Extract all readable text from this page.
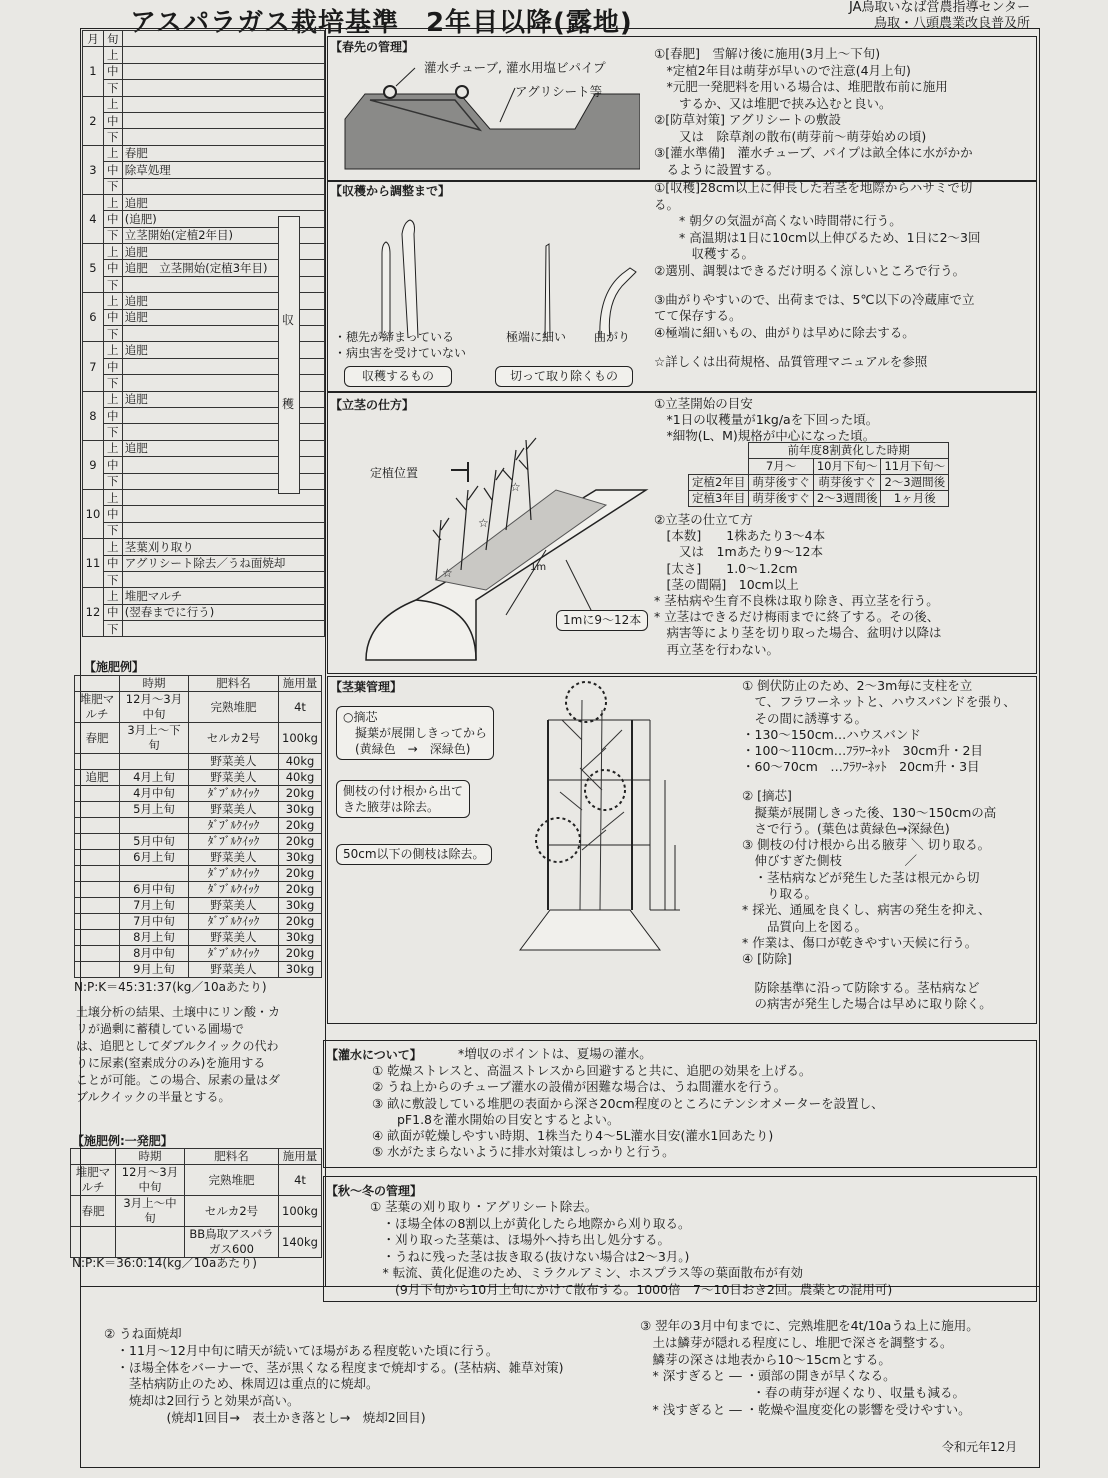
アスパラガス栽培基準　2年目以降(露地)
JA鳥取いなば営農指導センター
鳥取・八頭農業改良普及所
月	旬	
1	上	
	中	
	下	
2	上	
	中	
	下	
3	上	春肥
	中	除草処理
	下	
4	上	追肥
	中	(追肥)
	下	立茎開始(定植2年目)
5	上	追肥
	中	追肥　立茎開始(定植3年目)
	下	
6	上	追肥
	中	追肥
	下	
7	上	追肥
	中	
	下	
8	上	追肥
	中	
	下	
9	上	追肥
	中	
	下	
10	上	
	中	
	下	
11	上	茎葉刈り取り
	中	アグリシート除去／うね面焼却
	下	
12	上	堆肥マルチ
	中	(翌春までに行う)
	下	
収
穫
【施肥例】
	時期	肥料名	施用量
堆肥マルチ	12月～3月中旬	完熟堆肥	4t
春肥	3月上～下旬	セルカ2号	100kg
		野菜美人	40kg
追肥	4月上旬	野菜美人	40kg
	4月中旬	ﾀﾞﾌﾞﾙｸｲｯｸ	20kg
	5月上旬	野菜美人	30kg
		ﾀﾞﾌﾞﾙｸｲｯｸ	20kg
	5月中旬	ﾀﾞﾌﾞﾙｸｲｯｸ	20kg
	6月上旬	野菜美人	30kg
		ﾀﾞﾌﾞﾙｸｲｯｸ	20kg
	6月中旬	ﾀﾞﾌﾞﾙｸｲｯｸ	20kg
	7月上旬	野菜美人	30kg
	7月中旬	ﾀﾞﾌﾞﾙｸｲｯｸ	20kg
	8月上旬	野菜美人	30kg
	8月中旬	ﾀﾞﾌﾞﾙｸｲｯｸ	20kg
	9月上旬	野菜美人	30kg
N:P:K＝45:31:37(kg／10aあたり)
土壌分析の結果、土壌中にリン酸・カ
リが過剰に蓄積している圃場で
は、追肥としてダブルクイックの代わ
りに尿素(窒素成分のみ)を施用する
ことが可能。この場合、尿素の量はダ
ブルクイックの半量とする。
【施肥例:一発肥】
	時期	肥料名	施用量
堆肥マルチ	12月～3月中旬	完熟堆肥	4t
春肥	3月上～中旬	セルカ2号	100kg
		BB鳥取アスパラガス600	140kg
N:P:K＝36:0:14(kg／10aあたり)
【春先の管理】
灌水チューブ, 灌水用塩ビパイプ
アグリシート等
①[春肥]　雪解け後に施用(3月上～下旬)
　*定植2年目は萌芽が早いので注意(4月上旬)
　*元肥一発肥料を用いる場合は、堆肥散布前に施用
　　するか、又は堆肥で挟み込むと良い。
②[防草対策] アグリシートの敷設
　　又は　除草剤の散布(萌芽前～萌芽始めの頃)
③[灌水準備]　灌水チューブ、パイプは畝全体に水がかか
　るように設置する。
【収穫から調整まで】
・穂先が締まっている
・病虫害を受けていない
極端に細い 曲がり
収穫するもの	切って取り除くもの
①[収穫]28cm以上に伸長した若茎を地際からハサミで切
る。
　　* 朝夕の気温が高くない時間帯に行う。
　　* 高温期は1日に10cm以上伸びるため、1日に2～3回
　　　収穫する。
②選別、調製はできるだけ明るく涼しいところで行う。
③曲がりやすいので、出荷までは、5℃以下の冷蔵庫で立
てて保存する。
④極端に細いもの、曲がりは早めに除去する。
☆詳しくは出荷規格、品質管理マニュアルを参照
【立茎の仕方】
☆
☆
☆
定植位置
1m
1mに9～12本
①立茎開始の目安
　*1日の収穫量が1kg/aを下回った頃。
　*細物(L、M)規格が中心になった頃。
	前年度8割黄化した時期		
	7月～	10月下旬～	11月下旬～
定植2年目	萌芽後すぐ	萌芽後すぐ	2～3週間後
定植3年目	萌芽後すぐ	2～3週間後	1ヶ月後
②立茎の仕立て方
　[本数]　　1株あたり3～4本
　　又は　1mあたり9～12本
　[太さ]　　1.0～1.2cm
　[茎の間隔]　10cm以上
* 茎枯病や生育不良株は取り除き、再立茎を行う。
* 立茎はできるだけ梅雨までに終了する。その後、
　病害等により茎を切り取った場合、盆明け以降は
　再立茎を行わない。
【茎葉管理】
○摘芯
　擬葉が展開しきってから
　(黄緑色　→　深緑色)
側枝の付け根から出て
きた腋芽は除去。
50cm以下の側枝は除去。
① 倒伏防止のため、2～3m毎に支柱を立
　て、フラワーネットと、ハウスバンドを張り、
　その間に誘導する。
・130～150cm…ハウスバンド
・100～110cm…ﾌﾗﾜｰﾈｯﾄ　30cm升・2目
・60～70cm　…ﾌﾗﾜｰﾈｯﾄ　20cm升・3目
② [摘芯]
　擬葉が展開しきった後、130～150cmの高
　さで行う。(葉色は黄緑色→深緑色)
③ 側枝の付け根から出る腋芽 ＼ 切り取る。
　伸びすぎた側枝　　　　　／
　・茎枯病などが発生した茎は根元から切
　　り取る。
* 採光、通風を良くし、病害の発生を抑え、
　　品質向上を図る。
* 作業は、傷口が乾きやすい天候に行う。
④ [防除]
　防除基準に沿って防除する。茎枯病など
　の病害が発生した場合は早めに取り除く。
【灌水について】	*増収のポイントは、夏場の灌水。
① 乾燥ストレスと、高温ストレスから回避すると共に、追肥の効果を上げる。
② うね上からのチューブ灌水の設備が困難な場合は、うね間灌水を行う。
③ 畝に敷設している堆肥の表面から深さ20cm程度のところにテンシオメーターを設置し、
　　pF1.8を灌水開始の目安とするとよい。
④ 畝面が乾燥しやすい時期、1株当たり4～5L灌水目安(灌水1回あたり)
⑤ 水がたまらないように排水対策はしっかりと行う。
【秋～冬の管理】
① 茎葉の刈り取り・アグリシート除去。
　・ほ場全体の8割以上が黄化したら地際から刈り取る。
　・刈り取った茎葉は、ほ場外へ持ち出し処分する。
　・うねに残った茎は抜き取る(抜けない場合は2～3月。)
　* 転流、黄化促進のため、ミラクルアミン、ホスプラス等の葉面散布が有効
　　(9月下旬から10月上旬にかけて散布する。1000倍　7～10日おき2回。農薬との混用可)
② うね面焼却
　・11月～12月中旬に晴天が続いてほ場がある程度乾いた頃に行う。
　・ほ場全体をバーナーで、茎が黒くなる程度まで焼却する。(茎枯病、雑草対策)
　　茎枯病防止のため、株周辺は重点的に焼却。
　　焼却は2回行うと効果が高い。
　　　　　(焼却1回目→　表土かき落とし→　焼却2回目)
③ 翌年の3月中旬までに、完熟堆肥を4t/10aうね上に施用。
　土は鱗芽が隠れる程度にし、堆肥で深さを調整する。
　鱗芽の深さは地表から10～15cmとする。
　* 深すぎると ― ・頭部の開きが早くなる。
　　　　　　　　　・春の萌芽が遅くなり、収量も減る。
　* 浅すぎると ― ・乾燥や温度変化の影響を受けやすい。
令和元年12月
